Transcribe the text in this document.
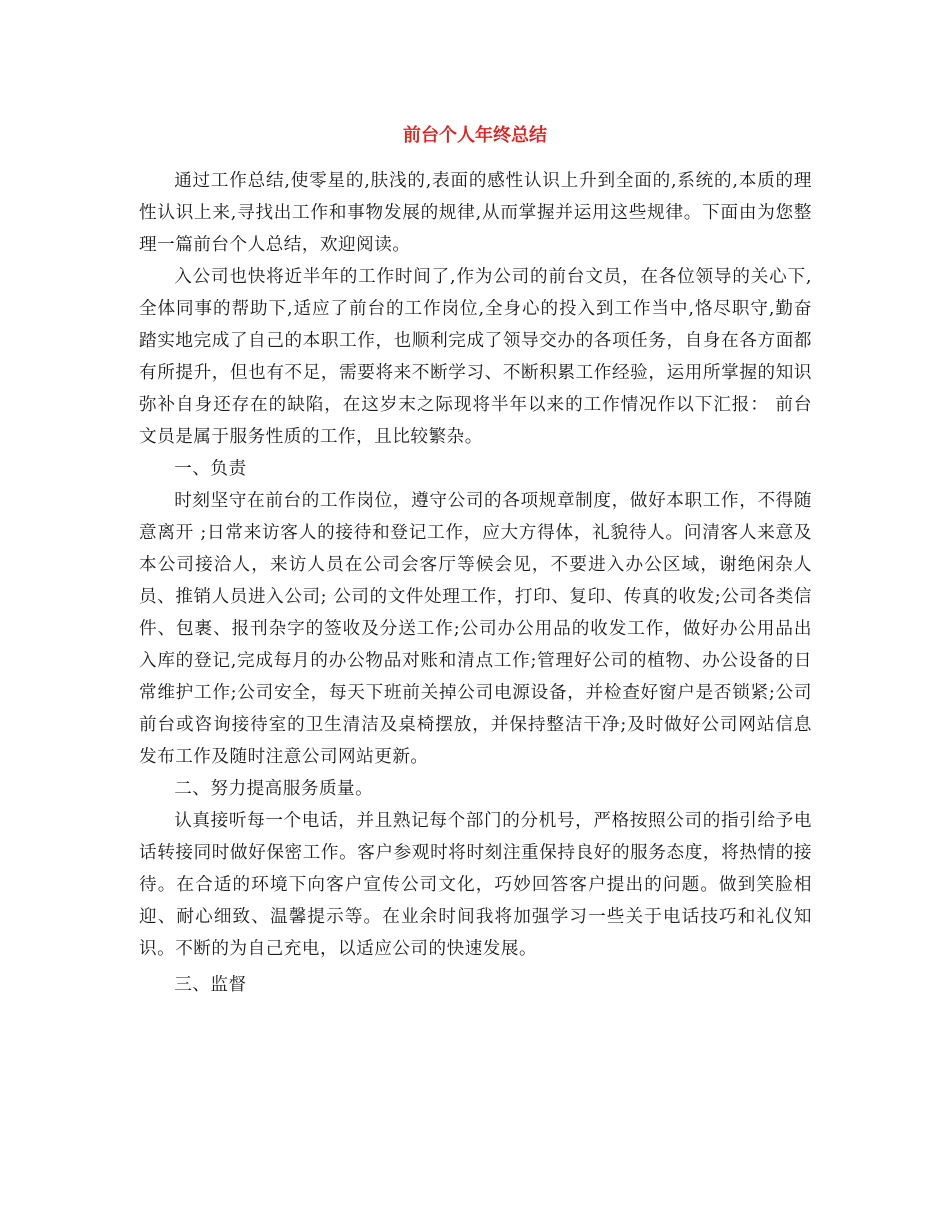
前台个人年终总结

通过工作总结,使零星的,肤浅的,表面的感性认识上升到全面的,系统的,本质的理性认识上来,寻找出工作和事物发展的规律,从而掌握并运用这些规律。下面由为您整理一篇前台个人总结，欢迎阅读。

入公司也快将近半年的工作时间了,作为公司的前台文员，在各位领导的关心下,全体同事的帮助下,适应了前台的工作岗位,全身心的投入到工作当中,恪尽职守,勤奋踏实地完成了自己的本职工作，也顺利完成了领导交办的各项任务，自身在各方面都有所提升，但也有不足，需要将来不断学习、不断积累工作经验，运用所掌握的知识弥补自身还存在的缺陷，在这岁末之际现将半年以来的工作情况作以下汇报： 前台文员是属于服务性质的工作，且比较繁杂。

一、负责

时刻坚守在前台的工作岗位，遵守公司的各项规章制度，做好本职工作，不得随意离开 ;日常来访客人的接待和登记工作，应大方得体，礼貌待人。问清客人来意及本公司接洽人，来访人员在公司会客厅等候会见，不要进入办公区域，谢绝闲杂人员、推销人员进入公司; 公司的文件处理工作，打印、复印、传真的收发;公司各类信件、包裹、报刊杂字的签收及分送工作;公司办公用品的收发工作，做好办公用品出入库的登记,完成每月的办公物品对账和清点工作;管理好公司的植物、办公设备的日常维护工作;公司安全，每天下班前关掉公司电源设备，并检查好窗户是否锁紧;公司前台或咨询接待室的卫生清洁及桌椅摆放，并保持整洁干净;及时做好公司网站信息发布工作及随时注意公司网站更新。

二、努力提高服务质量。

认真接听每一个电话，并且熟记每个部门的分机号，严格按照公司的指引给予电话转接同时做好保密工作。客户参观时将时刻注重保持良好的服务态度，将热情的接待。在合适的环境下向客户宣传公司文化，巧妙回答客户提出的问题。做到笑脸相迎、耐心细致、温馨提示等。在业余时间我将加强学习一些关于电话技巧和礼仪知识。不断的为自己充电，以适应公司的快速发展。

三、监督
